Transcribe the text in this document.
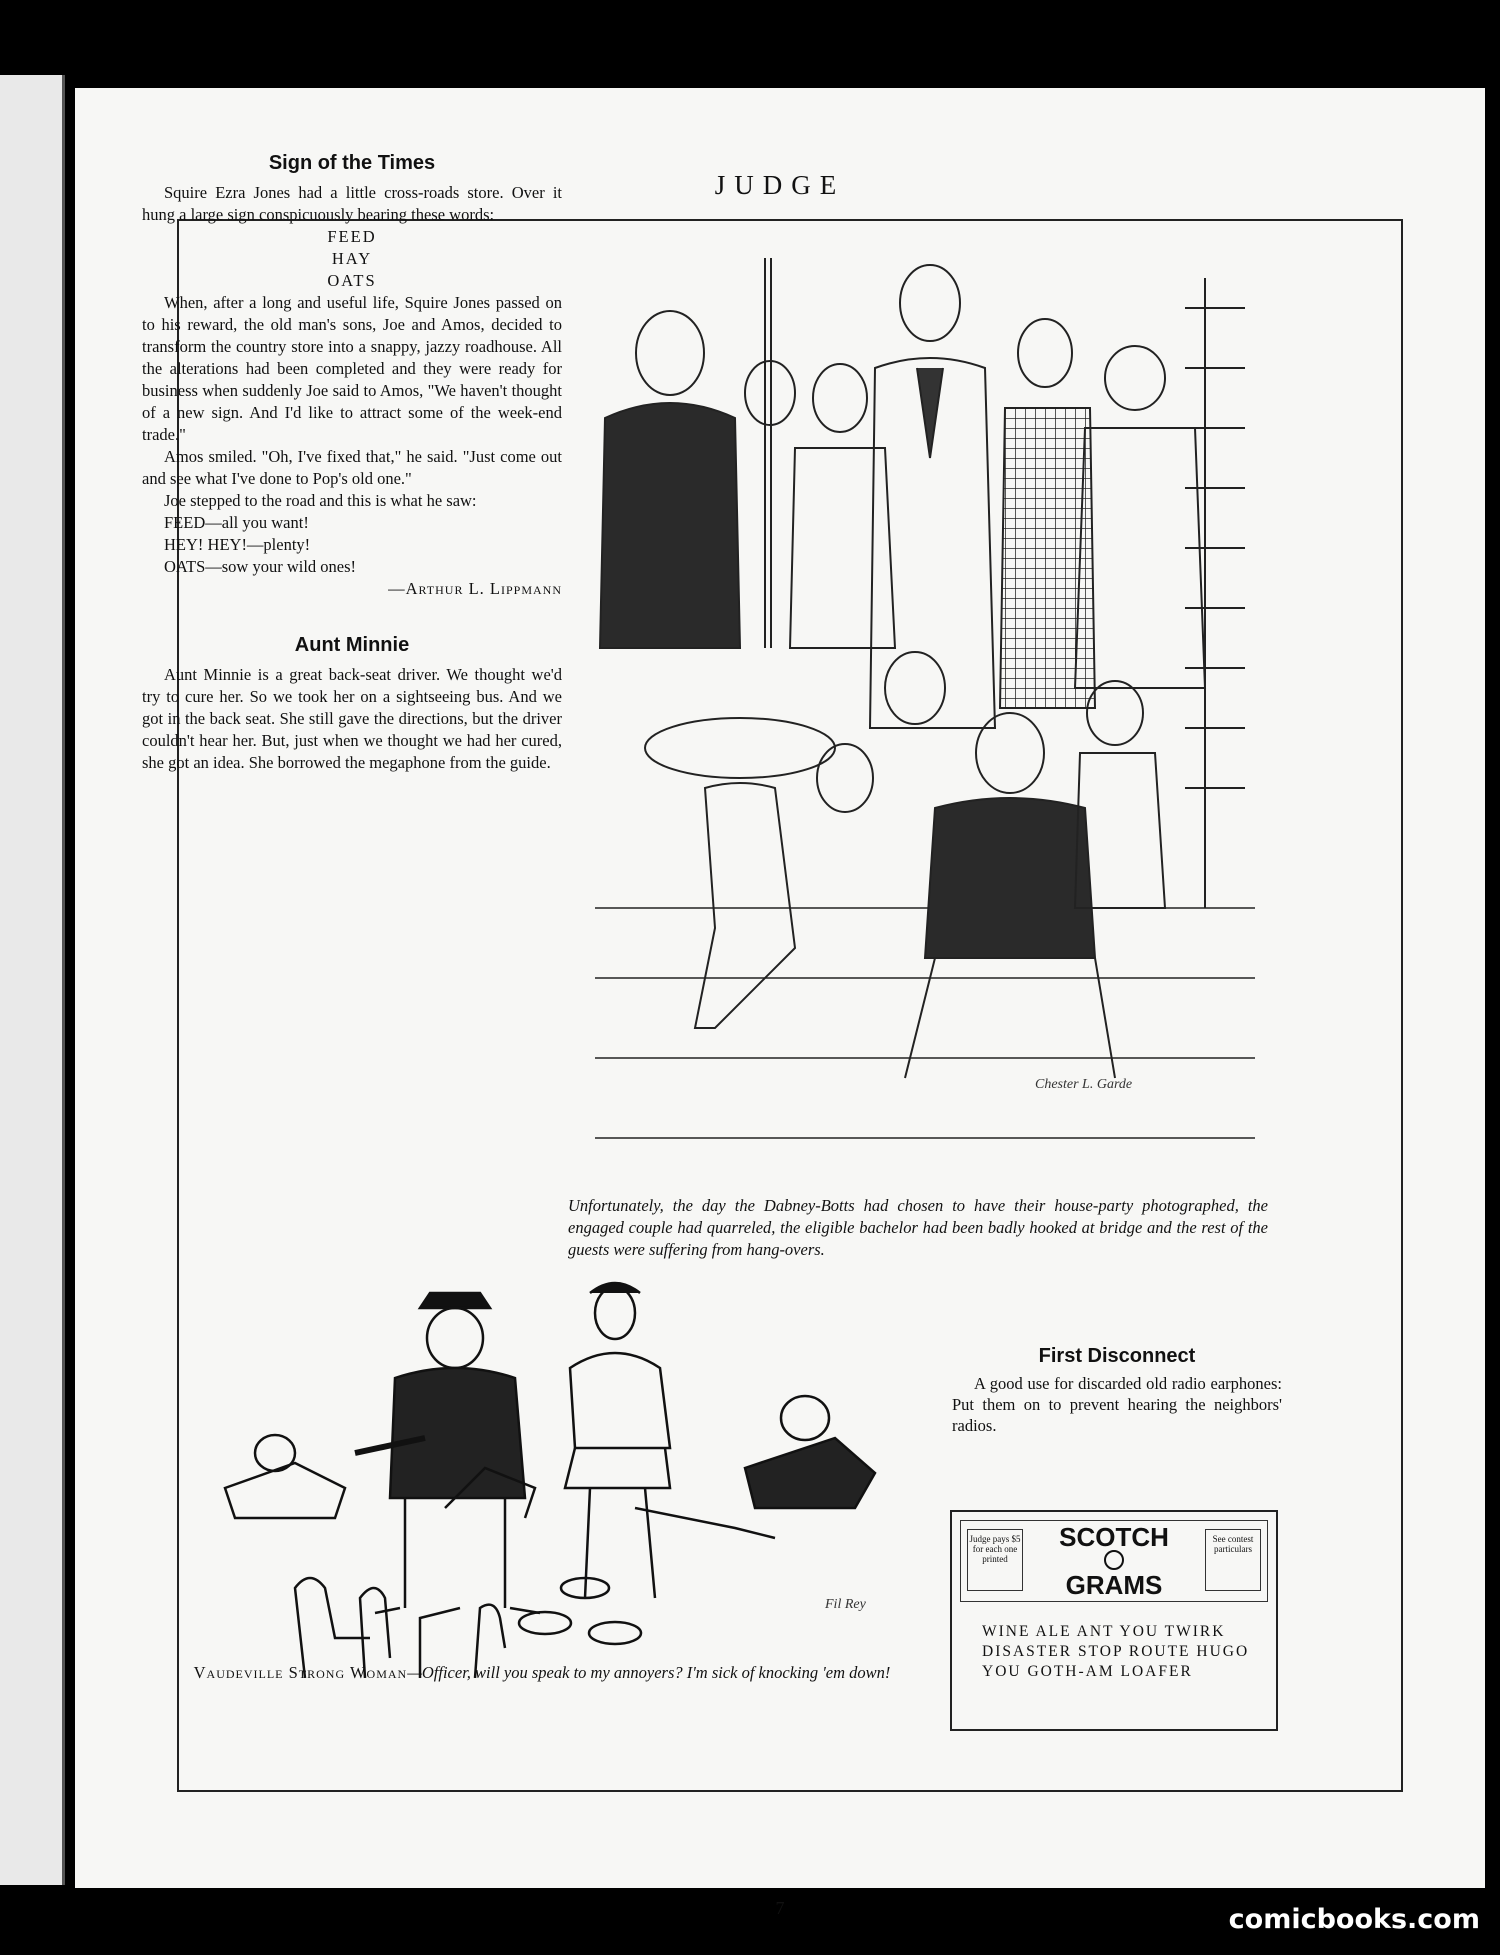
JUDGE
7
Sign of the Times

Squire Ezra Jones had a little cross-roads store. Over it hung a large sign conspicuously bearing these words:

FEED
HAY
OATS

When, after a long and useful life, Squire Jones passed on to his reward, the old man's sons, Joe and Amos, decided to transform the country store into a snappy, jazzy roadhouse. All the alterations had been completed and they were ready for business when suddenly Joe said to Amos, "We haven't thought of a new sign. And I'd like to attract some of the week-end trade."

Amos smiled. "Oh, I've fixed that," he said. "Just come out and see what I've done to Pop's old one."

Joe stepped to the road and this is what he saw:

FEED—all you want!
HEY! HEY!—plenty!
OATS—sow your wild ones!
—Arthur L. Lippmann
Aunt Minnie

Aunt Minnie is a great back-seat driver. We thought we'd try to cure her. So we took her on a sightseeing bus. And we got in the back seat. She still gave the directions, but the driver couldn't hear her. But, just when we thought we had her cured, she got an idea. She borrowed the megaphone from the guide.

Chester L. Garde
Unfortunately, the day the Dabney-Botts had chosen to have their house-party photographed, the engaged couple had quarreled, the eligible bachelor had been badly hooked at bridge and the rest of the guests were suffering from hang-overs.
Fil Rey
Vaudeville Strong Woman—Officer, will you speak to my annoyers? I'm sick of knocking 'em down!
First Disconnect

A good use for discarded old radio earphones: Put them on to prevent hearing the neighbors' radios.

Judge pays $5 for each one printed
SCOTCH
GRAMS
See contest particulars
WINE ALE ANT YOU TWIRK DISASTER STOP ROUTE HUGO YOU GOTH-AM LOAFER
comicbooks.com
